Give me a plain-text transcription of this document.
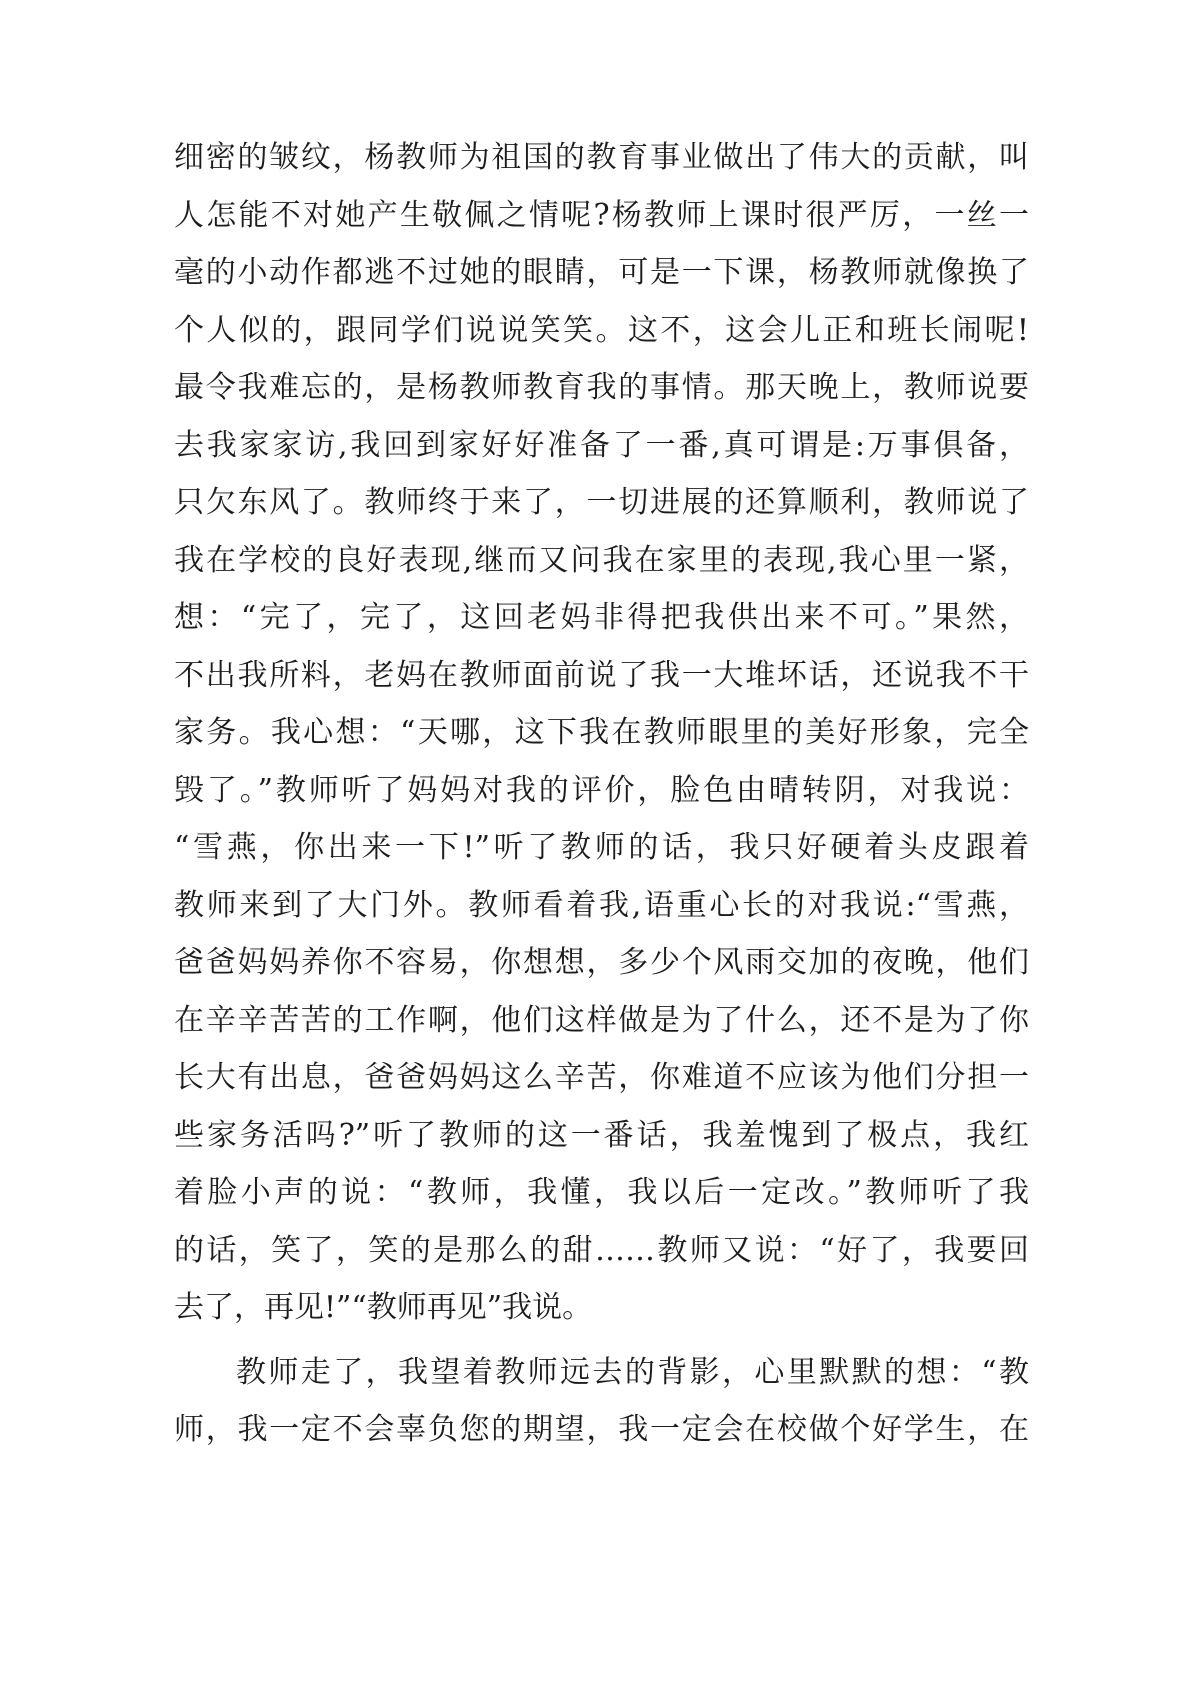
细密的皱纹，杨教师为祖国的教育事业做出了伟大的贡献，叫
人怎能不对她产生敬佩之情呢?杨教师上课时很严厉，一丝一
毫的小动作都逃不过她的眼睛，可是一下课，杨教师就像换了
个人似的，跟同学们说说笑笑。这不，这会儿正和班长闹呢!
最令我难忘的，是杨教师教育我的事情。那天晚上，教师说要
去我家家访,我回到家好好准备了一番,真可谓是:万事俱备，
只欠东风了。教师终于来了，一切进展的还算顺利，教师说了
我在学校的良好表现,继而又问我在家里的表现,我心里一紧，
想：“完了，完了，这回老妈非得把我供出来不可。”果然，
不出我所料，老妈在教师面前说了我一大堆坏话，还说我不干
家务。我心想：“天哪，这下我在教师眼里的美好形象，完全
毁了。”教师听了妈妈对我的评价，脸色由晴转阴，对我说：
“雪燕，你出来一下!”听了教师的话，我只好硬着头皮跟着
教师来到了大门外。教师看着我,语重心长的对我说:“雪燕，
爸爸妈妈养你不容易，你想想，多少个风雨交加的夜晚，他们
在辛辛苦苦的工作啊，他们这样做是为了什么，还不是为了你
长大有出息，爸爸妈妈这么辛苦，你难道不应该为他们分担一
些家务活吗?”听了教师的这一番话，我羞愧到了极点，我红
着脸小声的说：“教师，我懂，我以后一定改。”教师听了我
的话，笑了，笑的是那么的甜……教师又说：“好了，我要回
去了，再见!”“教师再见”我说。
教师走了，我望着教师远去的背影，心里默默的想：“教
师，我一定不会辜负您的期望，我一定会在校做个好学生，在
